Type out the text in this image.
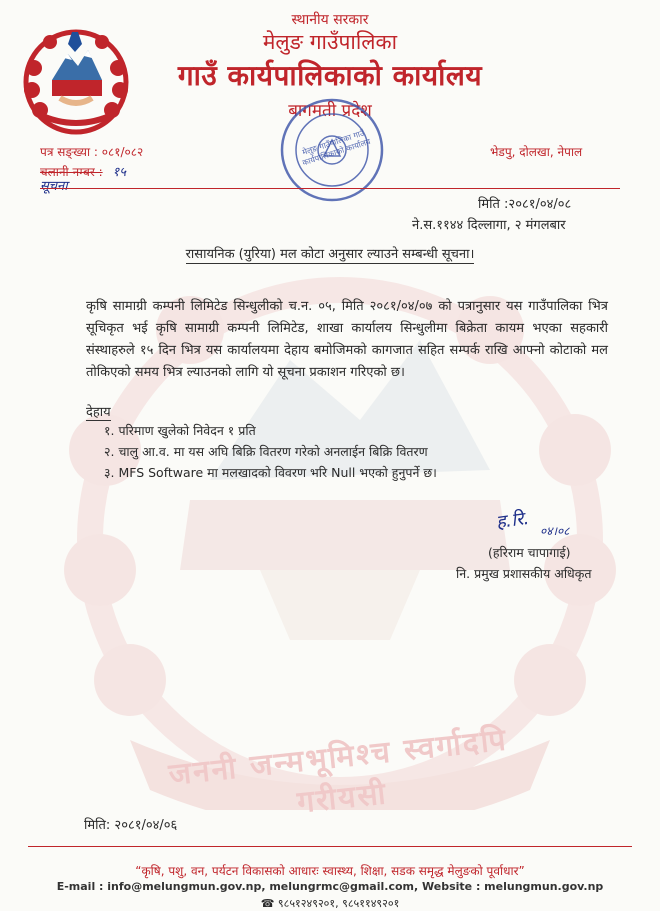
जननी जन्मभूमिश्च स्वर्गादपि गरीयसी
स्थानीय सरकार
मेलुङ गाउँपालिका
गाउँ कार्यपालिकाको कार्यालय
बागमती प्रदेश
मेलुङ गाउँपालिका गाउँ कार्यपालिकाको कार्यालय
पत्र सङ्ख्या : ०८१/०८२	भेडपु, दोलखा, नेपाल
चलानी नम्बर : १५
सूचना
मिति :२०८१/०४/०८
ने.स.११४४ दिल्लागा, २ मंगलबार
रासायनिक (युरिया) मल कोटा अनुसार ल्याउने सम्बन्धी सूचना।
कृषि सामाग्री कम्पनी लिमिटेड सिन्धुलीको च.न. ०५, मिति २०८१/०४/०७ को पत्रानुसार यस गाउँपालिका भित्र सूचिकृत भई कृषि सामाग्री कम्पनी लिमिटेड, शाखा कार्यालय सिन्धुलीमा बिक्रेता कायम भएका सहकारी संस्थाहरुले १५ दिन भित्र यस कार्यालयमा देहाय बमोजिमको कागजात सहित सम्पर्क राखि आफ्नो कोटाको मल तोकिएको समय भित्र ल्याउनको लागि यो सूचना प्रकाशन गरिएको छ।
देहाय
१. परिमाण खुलेको निवेदन १ प्रति
२. चालु आ.व. मा यस अघि बिक्रि वितरण गरेको अनलाईन बिक्रि वितरण
३. MFS Software मा मलखादको विवरण भरि Null भएको हुनुपर्ने छ।
ह.रि. ०४।०८
(हरिराम चापागाई)
नि. प्रमुख प्रशासकीय अधिकृत
मिति: २०८१/०४/०६
“कृषि, पशु, वन, पर्यटन विकासको आधारः स्वास्थ्य, शिक्षा, सडक समृद्ध मेलुङको पूर्वाधार”
E-mail : info@melungmun.gov.np, melungrmc@gmail.com, Website : melungmun.gov.np
☎ ९८५१२४९२०१, ९८५११४९२०१
